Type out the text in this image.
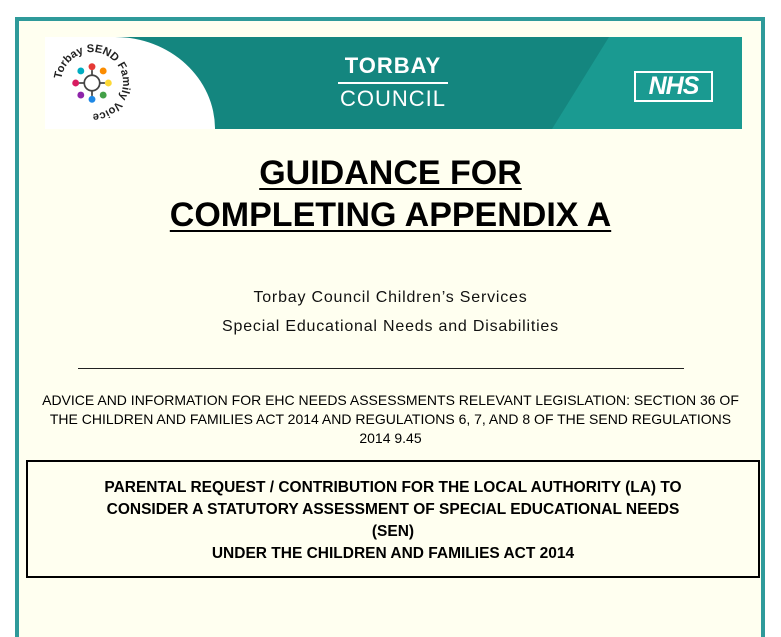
Torbay SEND Family Voice
TORBAY
COUNCIL	NHS
GUIDANCE FOR
COMPLETING APPENDIX A
Torbay Council Children’s Services
Special Educational Needs and Disabilities
ADVICE AND INFORMATION FOR EHC NEEDS ASSESSMENTS RELEVANT LEGISLATION: SECTION 36 OF
THE CHILDREN AND FAMILIES ACT 2014 AND REGULATIONS 6, 7, AND 8 OF THE SEND REGULATIONS
2014 9.45
PARENTAL REQUEST / CONTRIBUTION FOR THE LOCAL AUTHORITY (LA) TO
CONSIDER A STATUTORY ASSESSMENT OF SPECIAL EDUCATIONAL NEEDS
(SEN)
UNDER THE CHILDREN AND FAMILIES ACT 2014
